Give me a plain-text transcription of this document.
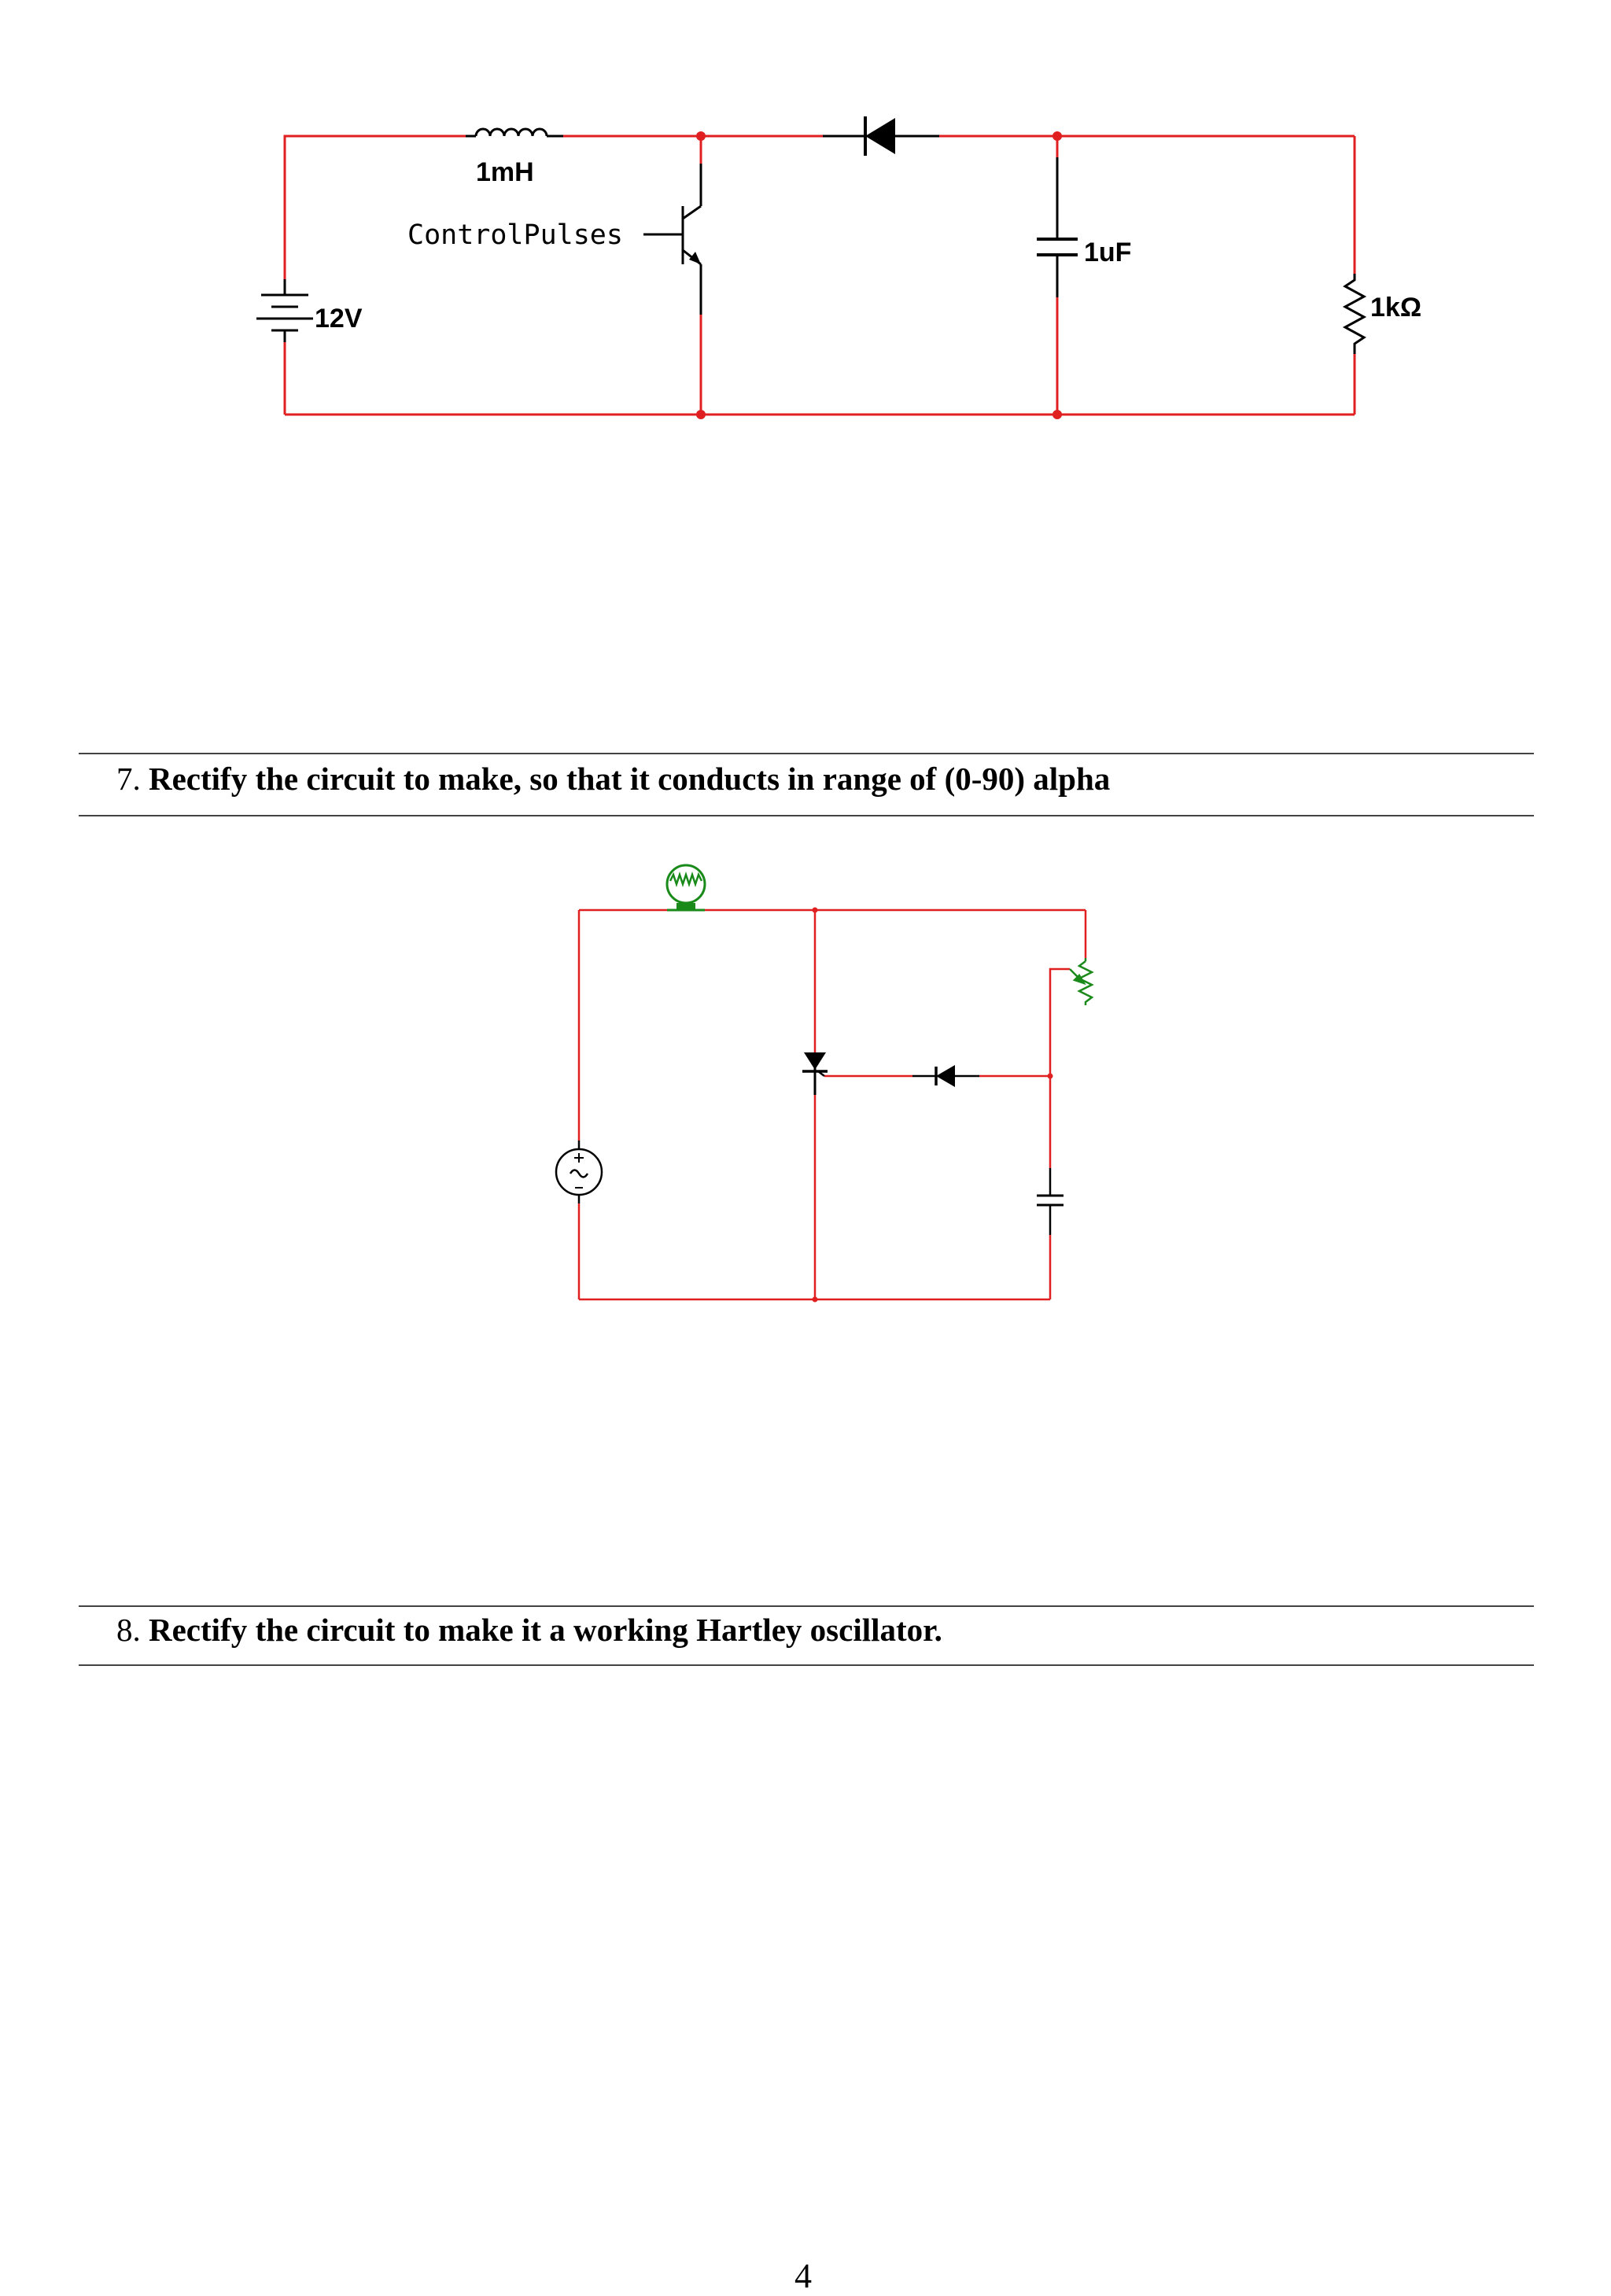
1mH
ControlPulses
1uF
12V	1kΩ
7. Rectify the circuit to make, so that it conducts in range of (0-90) alpha
8. Rectify the circuit to make it a working Hartley oscillator.
4
